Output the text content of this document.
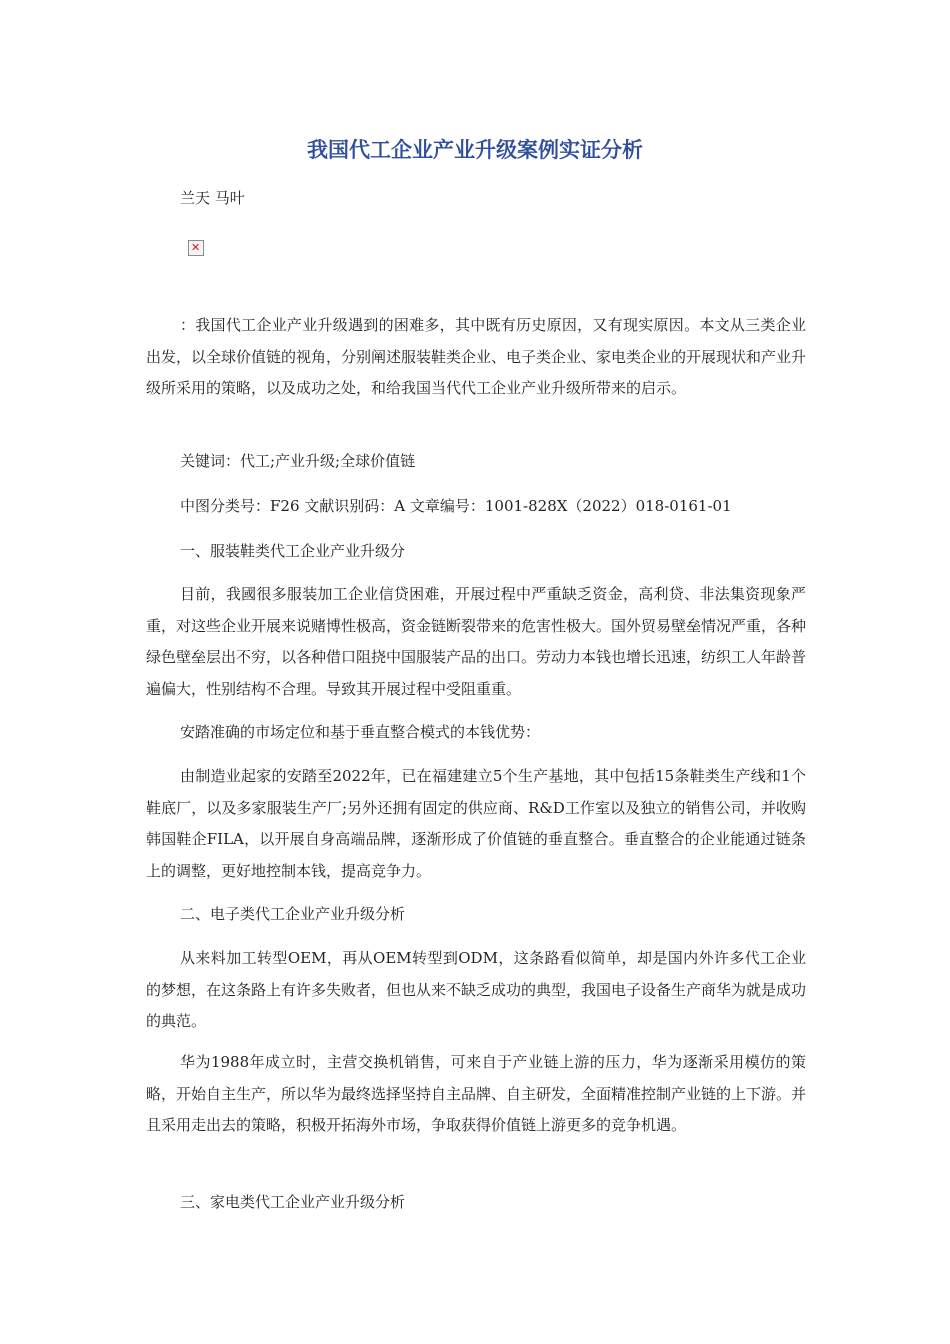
我国代工企业产业升级案例实证分析

兰天 马叶

✕

：我国代工企业产业升级遇到的困难多，其中既有历史原因，又有现实原因。本文从三类企业出发，以全球价值链的视角，分别阐述服装鞋类企业、电子类企业、家电类企业的开展现状和产业升级所采用的策略，以及成功之处，和给我国当代代工企业产业升级所带来的启示。

关键词：代工;产业升级;全球价值链

中图分类号：F26 文献识别码：A 文章编号：1001-828X（2022）018-0161-01

一、服装鞋类代工企业产业升级分

目前，我國很多服装加工企业信贷困难，开展过程中严重缺乏资金，高利贷、非法集资现象严重，对这些企业开展来说赌博性极高，资金链断裂带来的危害性极大。国外贸易壁垒情况严重，各种绿色壁垒层出不穷，以各种借口阻挠中国服装产品的出口。劳动力本钱也增长迅速，纺织工人年龄普遍偏大，性别结构不合理。导致其开展过程中受阻重重。

安踏准确的市场定位和基于垂直整合模式的本钱优势：

由制造业起家的安踏至2022年，已在福建建立5个生产基地，其中包括15条鞋类生产线和1个鞋底厂，以及多家服装生产厂;另外还拥有固定的供应商、R&D工作室以及独立的销售公司，并收购韩国鞋企FILA，以开展自身高端品牌，逐渐形成了价值链的垂直整合。垂直整合的企业能通过链条上的调整，更好地控制本钱，提高竞争力。

二、电子类代工企业产业升级分析

从来料加工转型OEM，再从OEM转型到ODM，这条路看似简单，却是国内外许多代工企业的梦想，在这条路上有许多失败者，但也从来不缺乏成功的典型，我国电子设备生产商华为就是成功的典范。

华为1988年成立时，主营交换机销售，可来自于产业链上游的压力，华为逐渐采用模仿的策略，开始自主生产，所以华为最终选择坚持自主品牌、自主研发，全面精准控制产业链的上下游。并且采用走出去的策略，积极开拓海外市场，争取获得价值链上游更多的竞争机遇。

三、家电类代工企业产业升级分析
